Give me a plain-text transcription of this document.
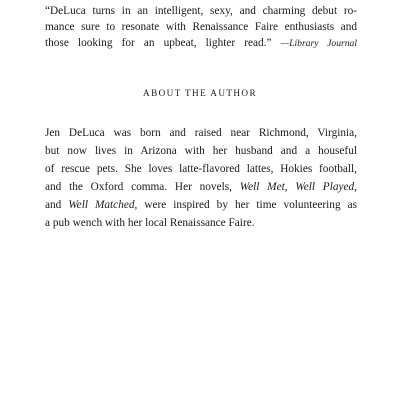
“DeLuca turns in an intelligent, sexy, and charming debut ro-
mance sure to resonate with Renaissance Faire enthusiasts and
those looking for an upbeat, lighter read.” —Library Journal
ABOUT THE AUTHOR
Jen DeLuca was born and raised near Richmond, Virginia,
but now lives in Arizona with her husband and a houseful
of rescue pets. She loves latte-flavored lattes, Hokies football,
and the Oxford comma. Her novels, Well Met, Well Played,
and Well Matched, were inspired by her time volunteering as
a pub wench with her local Renaissance Faire.
